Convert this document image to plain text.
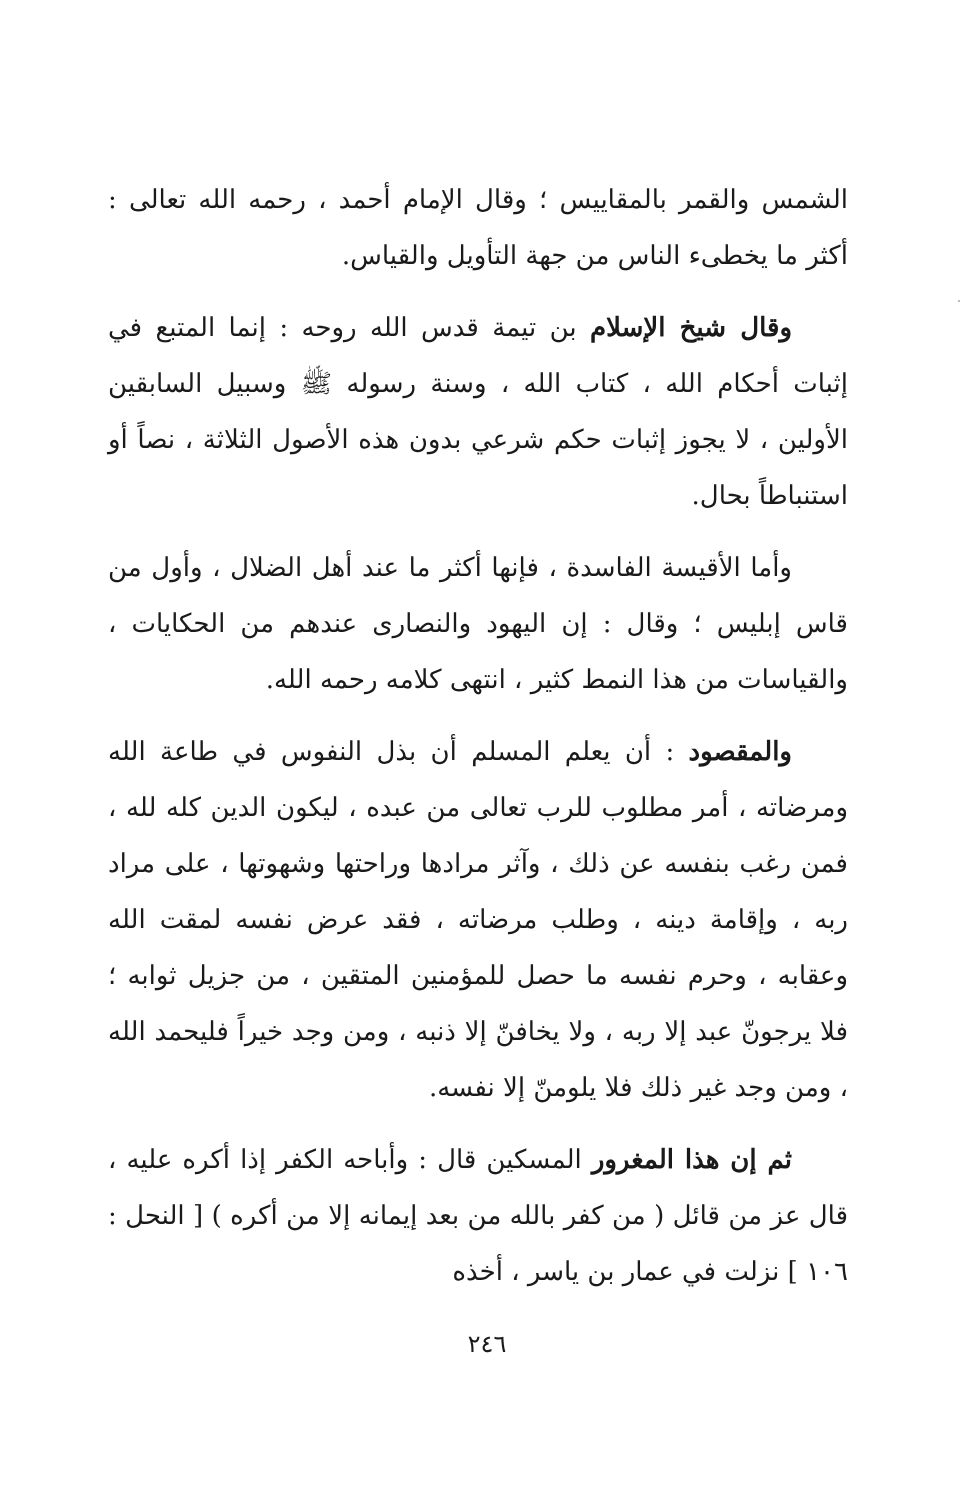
الشمس والقمر بالمقاييس ؛ وقال الإمام أحمد ، رحمه الله تعالى : أكثر ما يخطىء الناس من جهة التأويل والقياس.

وقال شيخ الإسلام بن تيمة قدس الله روحه : إنما المتبع في إثبات أحكام الله ، كتاب الله ، وسنة رسوله ﷺ وسبيل السابقين الأولين ، لا يجوز إثبات حكم شرعي بدون هذه الأصول الثلاثة ، نصاً أو استنباطاً بحال.

وأما الأقيسة الفاسدة ، فإنها أكثر ما عند أهل الضلال ، وأول من قاس إبليس ؛ وقال : إن اليهود والنصارى عندهم من الحكايات ، والقياسات من هذا النمط كثير ، انتهى كلامه رحمه الله.

والمقصود : أن يعلم المسلم أن بذل النفوس في طاعة الله ومرضاته ، أمر مطلوب للرب تعالى من عبده ، ليكون الدين كله لله ، فمن رغب بنفسه عن ذلك ، وآثر مرادها وراحتها وشهوتها ، على مراد ربه ، وإقامة دينه ، وطلب مرضاته ، فقد عرض نفسه لمقت الله وعقابه ، وحرم نفسه ما حصل للمؤمنين المتقين ، من جزيل ثوابه ؛ فلا يرجونّ عبد إلا ربه ، ولا يخافنّ إلا ذنبه ، ومن وجد خيراً فليحمد الله ، ومن وجد غير ذلك فلا يلومنّ إلا نفسه.

ثم إن هذا المغرور المسكين قال : وأباحه الكفر إذا أكره عليه ، قال عز من قائل ( من كفر بالله من بعد إيمانه إلا من أكره ) [ النحل : ١٠٦ ] نزلت في عمار بن ياسر ، أخذه

٢٤٦
